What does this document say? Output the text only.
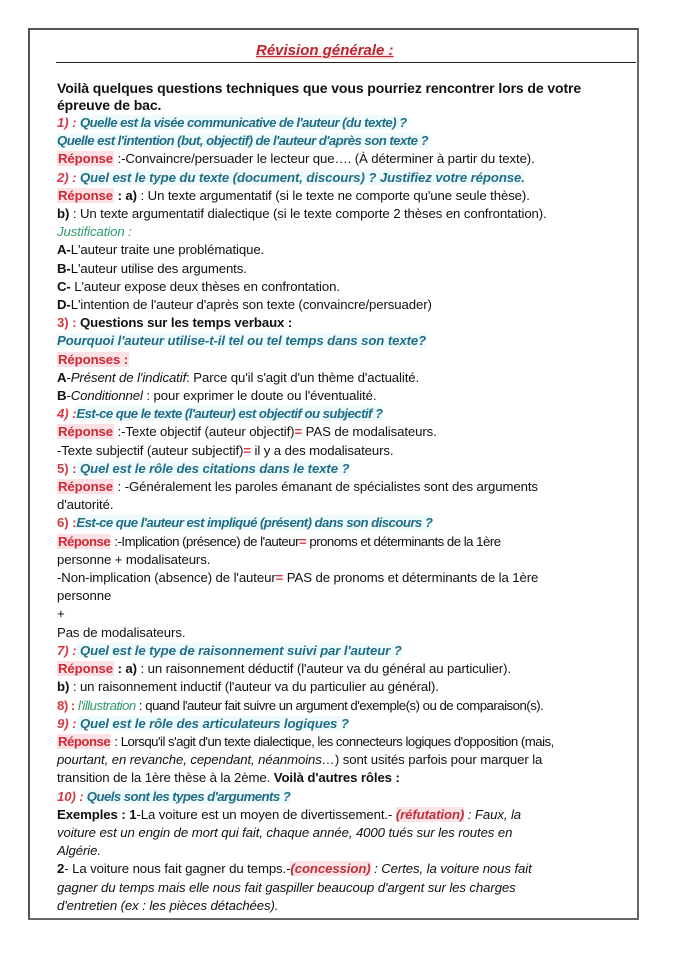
Révision générale :
Voilà quelques questions techniques que vous pourriez rencontrer lors de votre épreuve de bac.
1) : Quelle est la visée communicative de l'auteur (du texte) ?
Quelle est l'intention (but, objectif) de l'auteur d'après son texte ?
Réponse :-Convaincre/persuader le lecteur que…. (À déterminer à partir du texte).
2) : Quel est le type du texte (document, discours) ? Justifiez votre réponse.
Réponse : a) : Un texte argumentatif (si le texte ne comporte qu'une seule thèse).
b) : Un texte argumentatif dialectique (si le texte comporte 2 thèses en confrontation).
Justification :
A-L'auteur traite une problématique.
B-L'auteur utilise des arguments.
C- L'auteur expose deux thèses en confrontation.
D-L'intention de l'auteur d'après son texte (convaincre/persuader)
3) : Questions sur les temps verbaux :
Pourquoi l'auteur utilise-t-il tel ou tel temps dans son texte?
Réponses :
A-Présent de l'indicatif: Parce qu'il s'agit d'un thème d'actualité.
B-Conditionnel : pour exprimer le doute ou l'éventualité.
4) :Est-ce que le texte (l'auteur) est objectif ou subjectif ?
Réponse :-Texte objectif (auteur objectif)= PAS de modalisateurs.
-Texte subjectif (auteur subjectif)= il y a des modalisateurs.
5) : Quel est le rôle des citations dans le texte ?
Réponse : -Généralement les paroles émanant de spécialistes sont des arguments
d'autorité.
6) :Est-ce que l'auteur est impliqué (présent) dans son discours ?
Réponse :-Implication (présence) de l'auteur= pronoms et déterminants de la 1ère
personne + modalisateurs.
-Non-implication (absence) de l'auteur= PAS de pronoms et déterminants de la 1ère
personne
+
Pas de modalisateurs.
7) : Quel est le type de raisonnement suivi par l'auteur ?
Réponse : a) : un raisonnement déductif (l'auteur va du général au particulier).
b) : un raisonnement inductif (l'auteur va du particulier au général).
8) : l'illustration : quand l'auteur fait suivre un argument d'exemple(s) ou de comparaison(s).
9) : Quel est le rôle des articulateurs logiques ?
Réponse : Lorsqu'il s'agit d'un texte dialectique, les connecteurs logiques d'opposition (mais,
pourtant, en revanche, cependant, néanmoins…) sont usités parfois pour marquer la
transition de la 1ère thèse à la 2ème. Voilà d'autres rôles :
10) : Quels sont les types d'arguments ?
Exemples : 1-La voiture est un moyen de divertissement.- (réfutation) : Faux, la
voiture est un engin de mort qui fait, chaque année, 4000 tués sur les routes en
Algérie.
2- La voiture nous fait gagner du temps.-(concession) : Certes, la voiture nous fait
gagner du temps mais elle nous fait gaspiller beaucoup d'argent sur les charges
d'entretien (ex : les pièces détachées).
